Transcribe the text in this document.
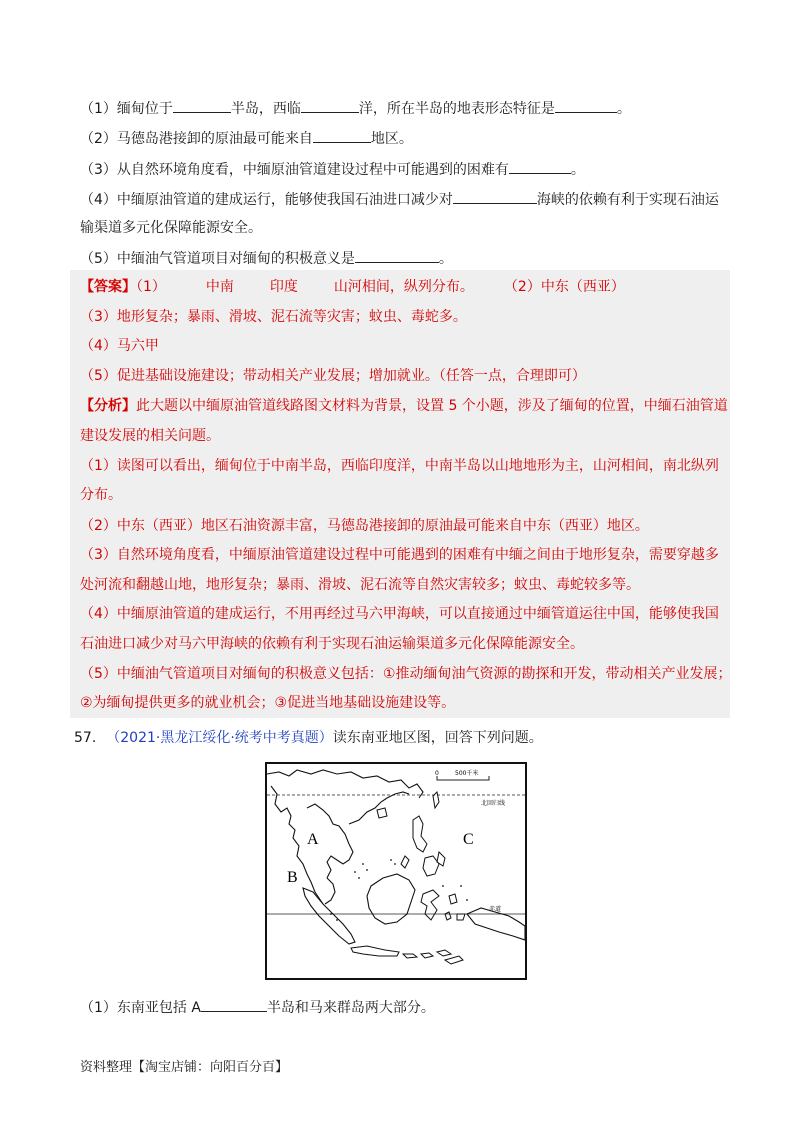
（1）缅甸位于	半岛，西临	洋，所在半岛的地表形态特征是	。
（2）马德岛港接卸的原油最可能来自	地区。
（3）从自然环境角度看，中缅原油管道建设过程中可能遇到的困难有	。
（4）中缅原油管道的建成运行，能够使我国石油进口减少对	海峡的依赖有利于实现石油运
输渠道多元化保障能源安全。
（5）中缅油气管道项目对缅甸的积极意义是	。
【答案】（1）	中南	印度	山河相间，纵列分布。 （2）中东（西亚）
（3）地形复杂；暴雨、滑坡、泥石流等灾害；蚊虫、毒蛇多。
（4）马六甲
（5）促进基础设施建设；带动相关产业发展；增加就业。（任答一点，合理即可）
【分析】此大题以中缅原油管道线路图文材料为背景，设置 5 个小题，涉及了缅甸的位置，中缅石油管道
建设发展的相关问题。
（1）读图可以看出，缅甸位于中南半岛，西临印度洋，中南半岛以山地地形为主，山河相间，南北纵列
分布。
（2）中东（西亚）地区石油资源丰富，马德岛港接卸的原油最可能来自中东（西亚）地区。
（3）自然环境角度看，中缅原油管道建设过程中可能遇到的困难有中缅之间由于地形复杂，需要穿越多
处河流和翻越山地，地形复杂；暴雨、滑坡、泥石流等自然灾害较多；蚊虫、毒蛇较多等。
（4）中缅原油管道的建成运行，不用再经过马六甲海峡，可以直接通过中缅管道运往中国，能够使我国
石油进口减少对马六甲海峡的依赖有利于实现石油运输渠道多元化保障能源安全。
（5）中缅油气管道项目对缅甸的积极意义包括：①推动缅甸油气资源的勘探和开发，带动相关产业发展；
②为缅甸提供更多的就业机会；③促进当地基础设施建设等。
57. （2021·黑龙江绥化·统考中考真题）读东南亚地区图，回答下列问题。
0	500千米
北回归线
赤道
A
B
C
（1）东南亚包括 A	半岛和马来群岛两大部分。
资料整理【淘宝店铺：向阳百分百】
